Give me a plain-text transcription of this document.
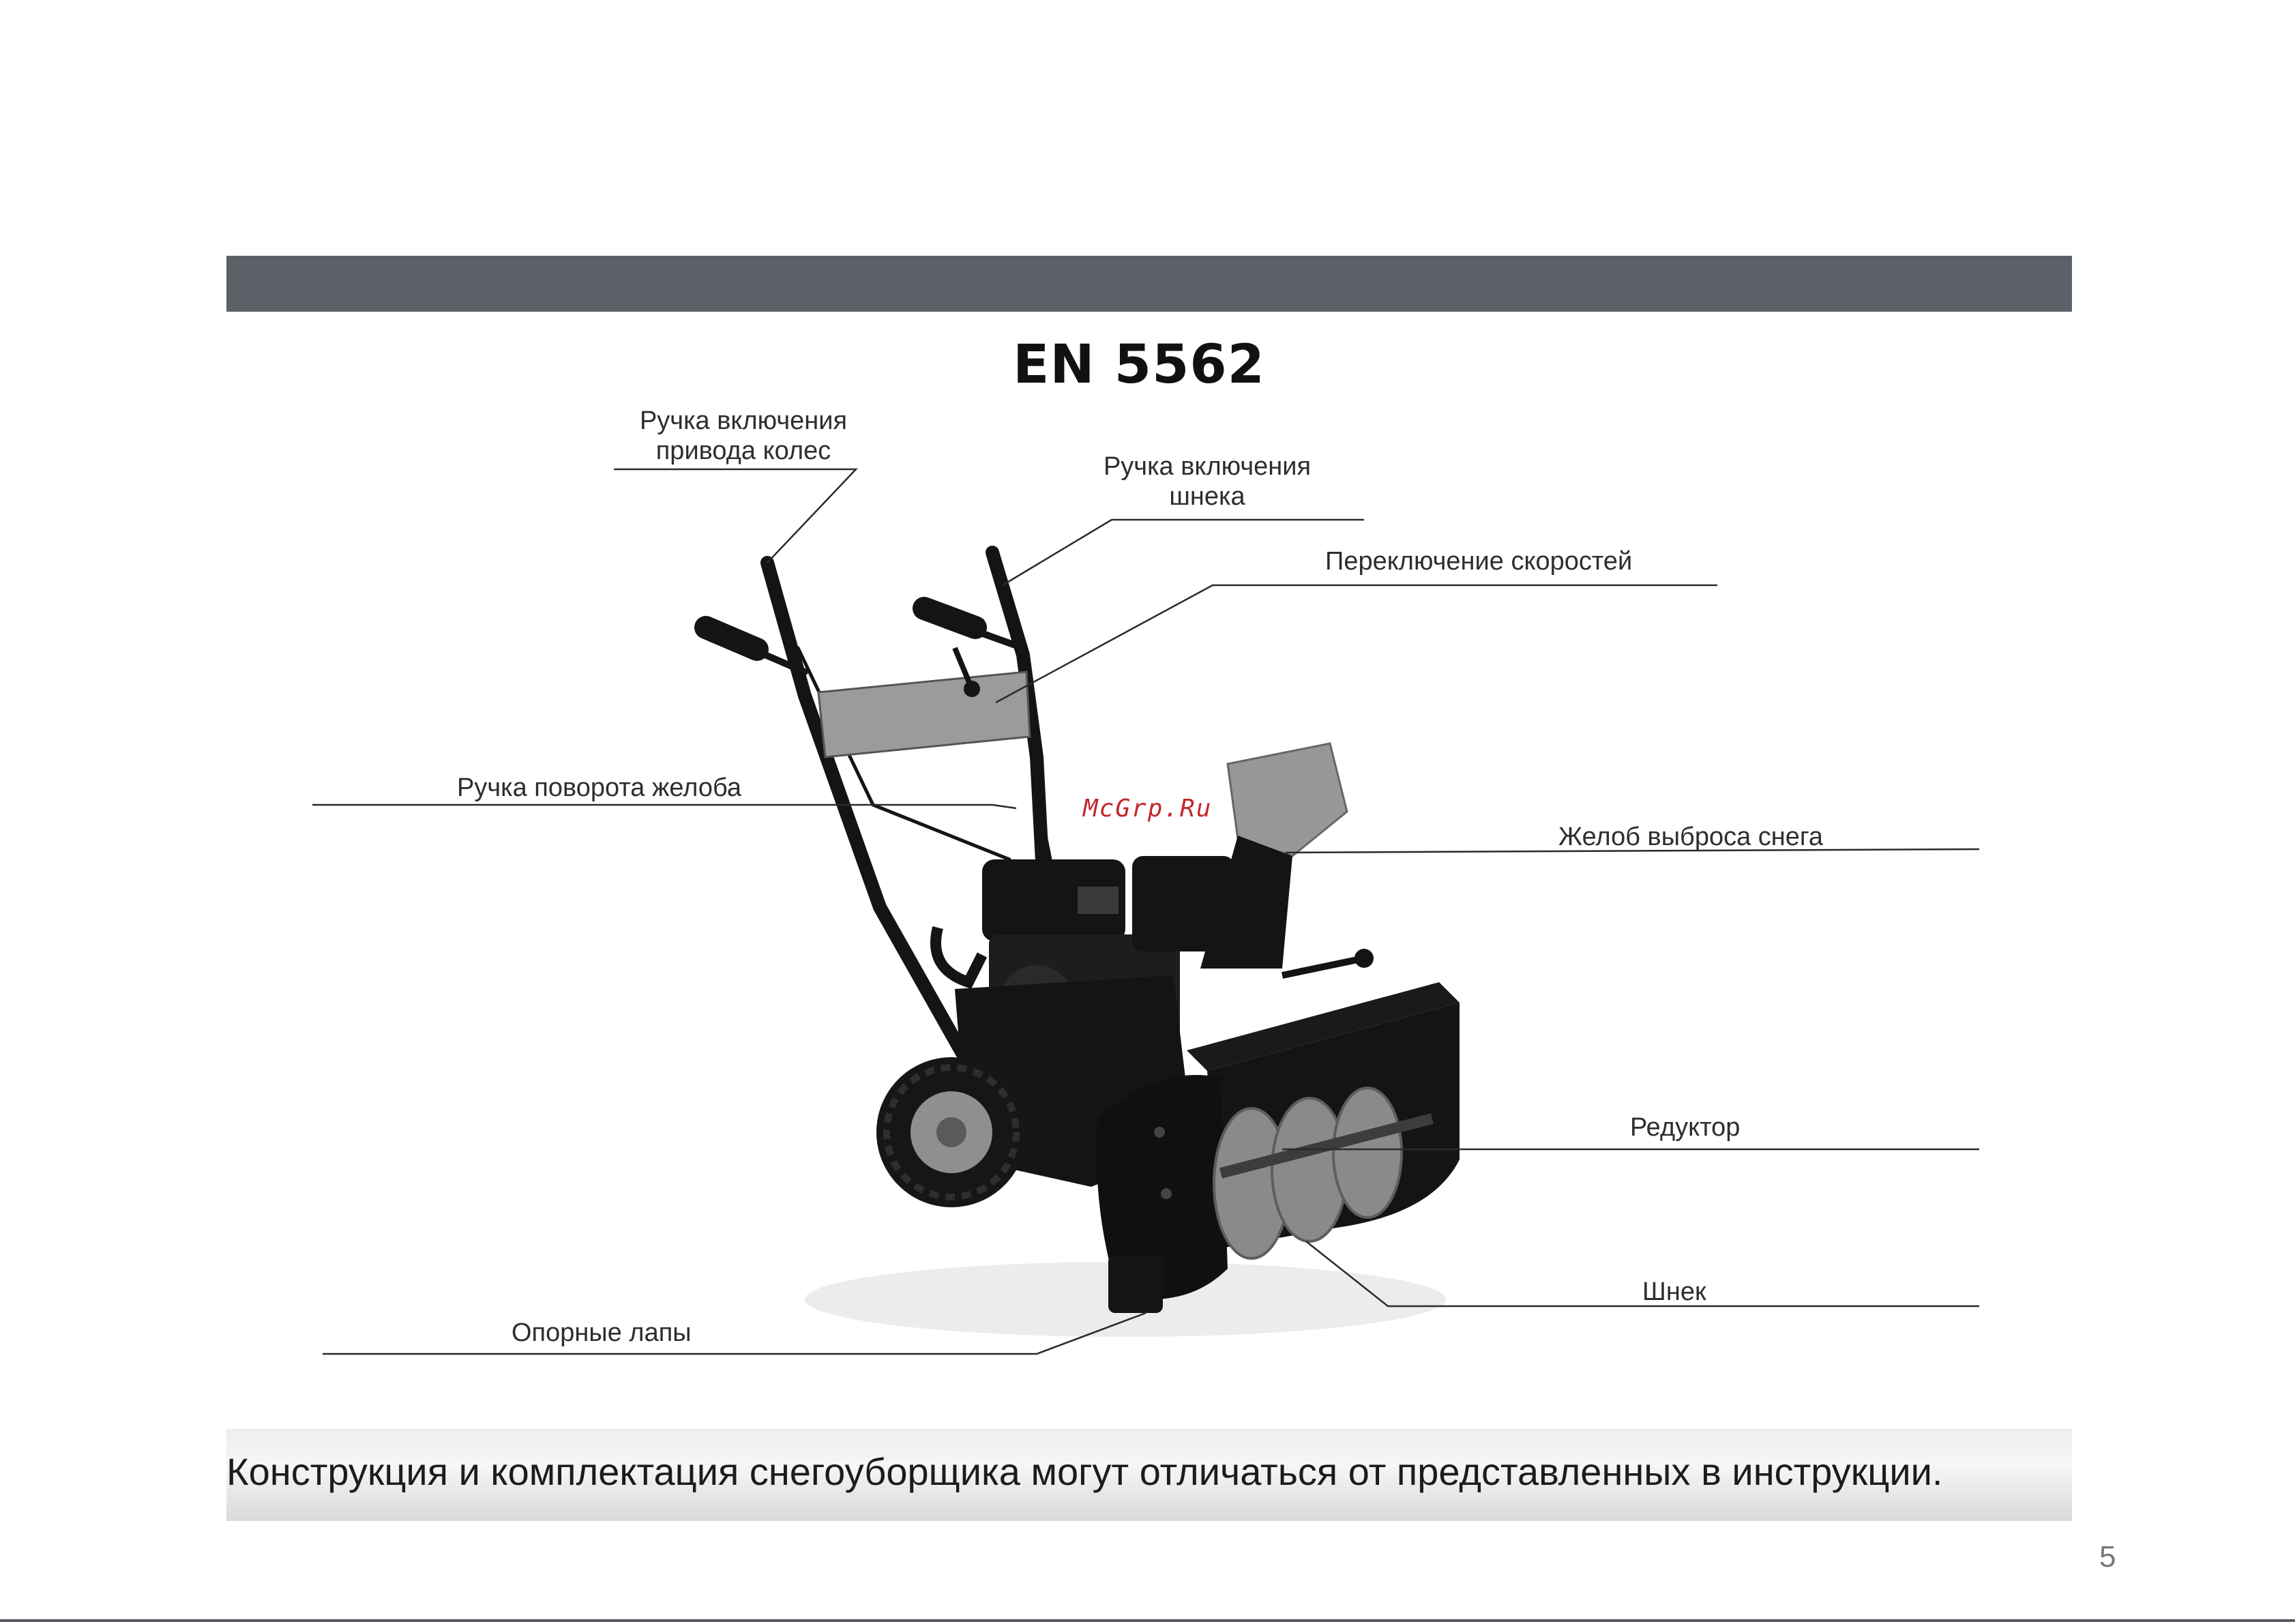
EN 5562
Ручка включения
привода колес
Ручка включения
шнека
Переключение скоростей
Ручка поворота желоба
Желоб выброса снега
Редуктор
Шнек
Опорные лапы
McGrp.Ru
Конструкция и комплектация снегоуборщика могут отличаться от представленных в инструкции.
5
